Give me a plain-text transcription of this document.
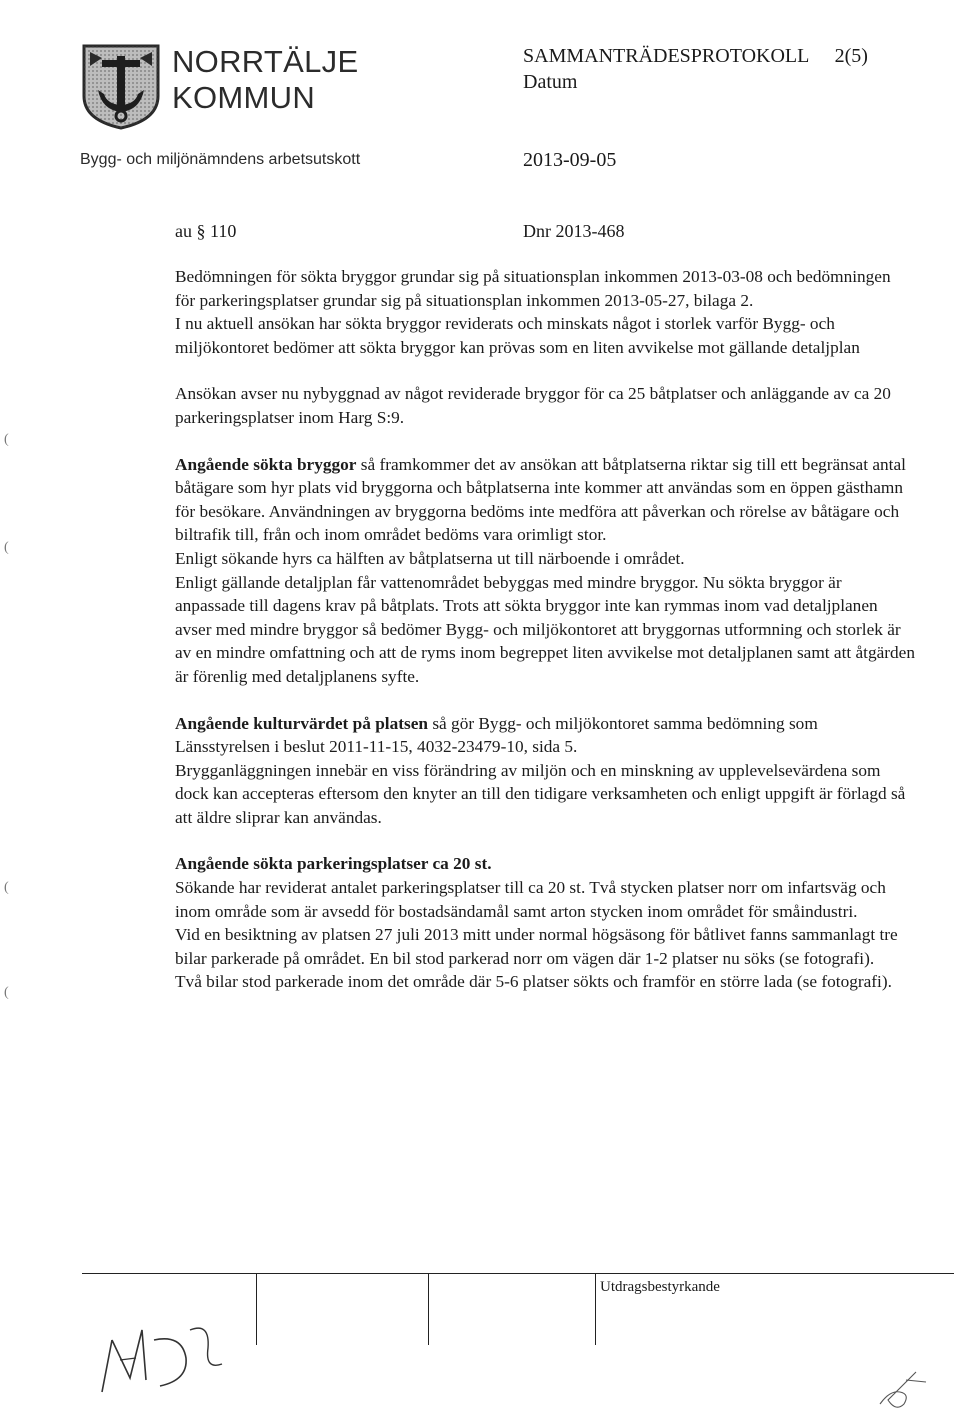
NORRTÄLJE
KOMMUN
SAMMANTRÄDESPROTOKOLL 2(5)
Datum
Bygg- och miljönämndens arbetsutskott	2013-09-05
au § 110	Dnr 2013-468
(
(
(
(

Bedömningen för sökta bryggor grundar sig på situationsplan inkommen 2013-03-08 och bedömningen för parkeringsplatser grundar sig på situationsplan inkommen 2013-05-27, bilaga 2.

I nu aktuell ansökan har sökta bryggor reviderats och minskats något i storlek varför Bygg- och miljökontoret bedömer att sökta bryggor kan prövas som en liten avvikelse mot gällande detaljplan

Ansökan avser nu nybyggnad av något reviderade bryggor för ca 25 båtplatser och anläggande av ca 20 parkeringsplatser inom Harg S:9.

Angående sökta bryggor så framkommer det av ansökan att båtplatserna riktar sig till ett begränsat antal båtägare som hyr plats vid bryggorna och båtplatserna inte kommer att användas som en öppen gästhamn för besökare. Användningen av bryggorna bedöms inte medföra att påverkan och rörelse av båtägare och biltrafik till, från och inom området bedöms vara orimligt stor.

Enligt sökande hyrs ca hälften av båtplatserna ut till närboende i området.

Enligt gällande detaljplan får vattenområdet bebyggas med mindre bryggor. Nu sökta bryggor är anpassade till dagens krav på båtplats. Trots att sökta bryggor inte kan rymmas inom vad detaljplanen avser med mindre bryggor så bedömer Bygg- och miljökontoret att bryggornas utformning och storlek är av en mindre omfattning och att de ryms inom begreppet liten avvikelse mot detaljplanen samt att åtgärden är förenlig med detaljplanens syfte.

Angående kulturvärdet på platsen så gör Bygg- och miljökontoret samma bedömning som Länsstyrelsen i beslut 2011-11-15, 4032-23479-10, sida 5.

Brygganläggningen innebär en viss förändring av miljön och en minskning av upplevelsevärdena som dock kan accepteras eftersom den knyter an till den tidigare verksamheten och enligt uppgift är förlagd så att äldre sliprar kan användas.

Angående sökta parkeringsplatser ca 20 st.

Sökande har reviderat antalet parkeringsplatser till ca 20 st. Två stycken platser norr om infartsväg och inom område som är avsedd för bostadsändamål samt arton stycken inom området för småindustri.

Vid en besiktning av platsen 27 juli 2013 mitt under normal högsäsong för båtlivet fanns sammanlagt tre bilar parkerade på området. En bil stod parkerad norr om vägen där 1-2 platser nu söks (se fotografi).

Två bilar stod parkerade inom det område där 5-6 platser sökts och framför en större lada (se fotografi).

Utdragsbestyrkande
